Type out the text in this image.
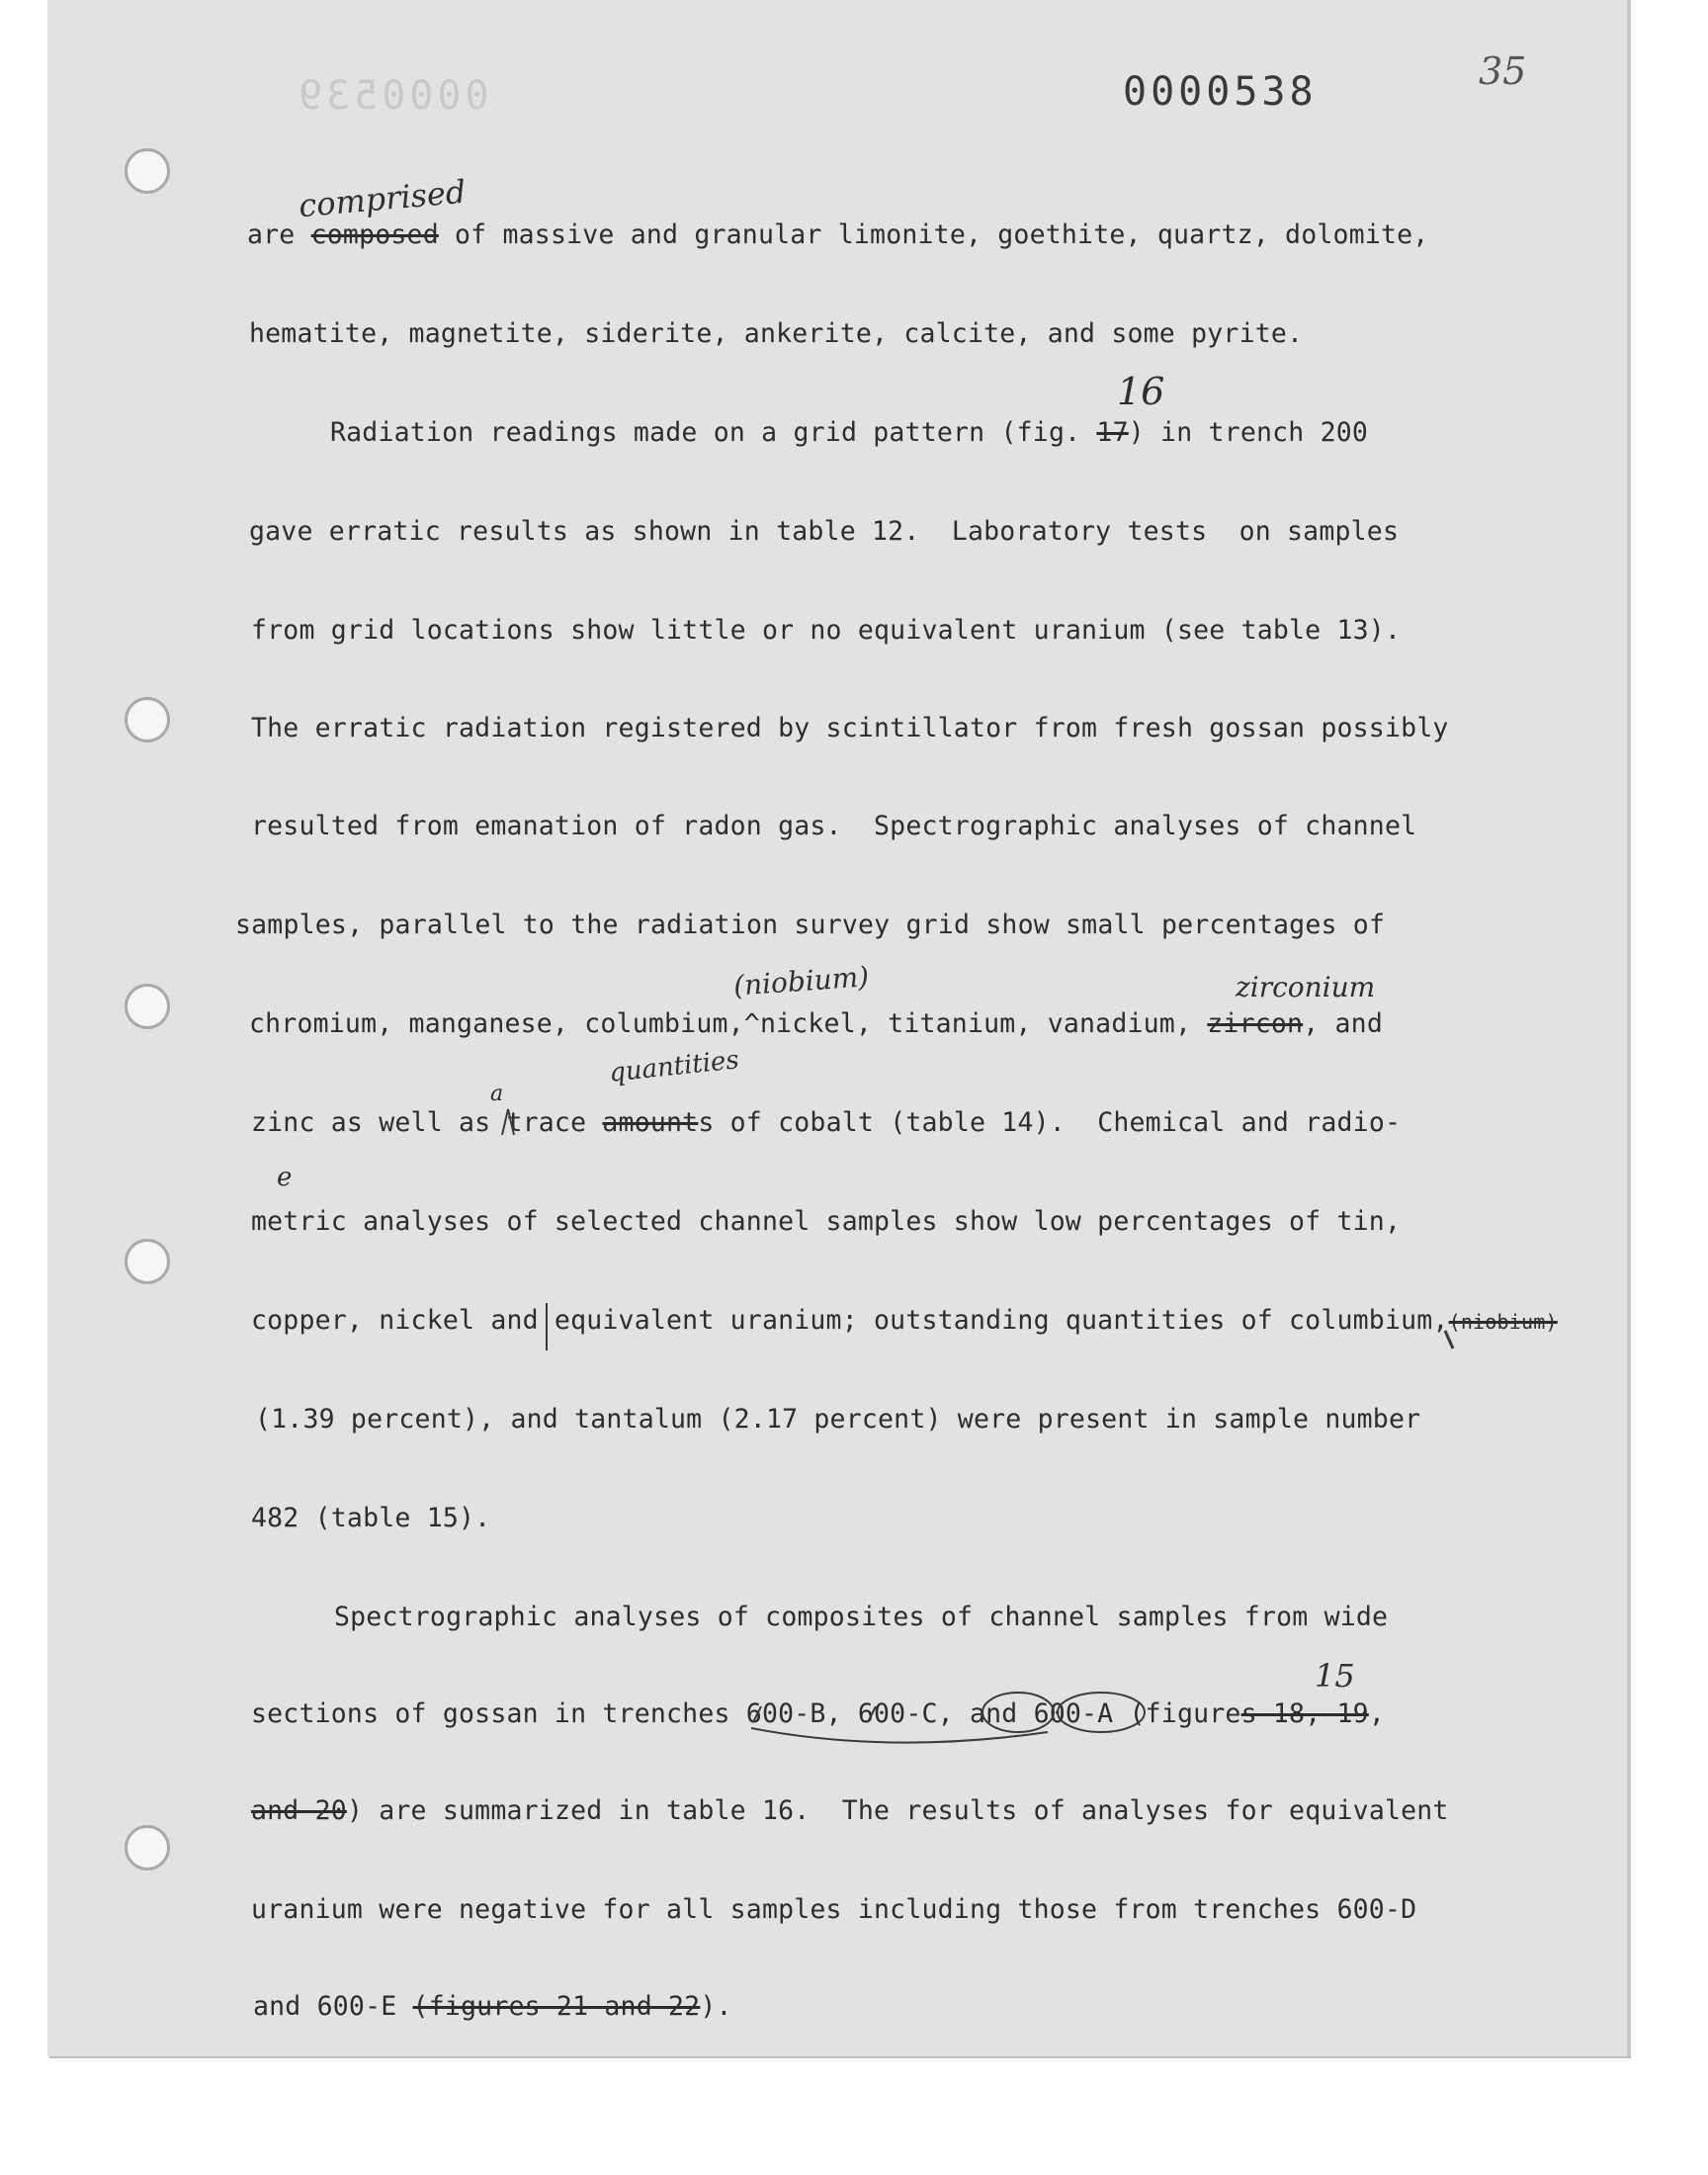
0000539	0000538	35
are composed of massive and granular limonite, goethite, quartz, dolomite,
hematite, magnetite, siderite, ankerite, calcite, and some pyrite.
Radiation readings made on a grid pattern (fig. 17) in trench 200
gave erratic results as shown in table 12.  Laboratory tests  on samples
from grid locations show little or no equivalent uranium (see table 13).
The erratic radiation registered by scintillator from fresh gossan possibly
resulted from emanation of radon gas.  Spectrographic analyses of channel
samples, parallel to the radiation survey grid show small percentages of
chromium, manganese, columbium,^nickel, titanium, vanadium, zircon, and
zinc as well as trace amounts of cobalt (table 14).  Chemical and radio-
metric analyses of selected channel samples show low percentages of tin,
copper, nickel and equivalent uranium; outstanding quantities of columbium,(niobium)
(1.39 percent), and tantalum (2.17 percent) were present in sample number
482 (table 15).
Spectrographic analyses of composites of channel samples from wide
sections of gossan in trenches 600-B, 600-C, and 600-A (figures 18, 19,
and 20) are summarized in table 16.  The results of analyses for equivalent
uranium were negative for all samples including those from trenches 600-D
and 600-E (figures 21 and 22).
comprised
16
(niobium)	zirconium
quantities
a
e
15
